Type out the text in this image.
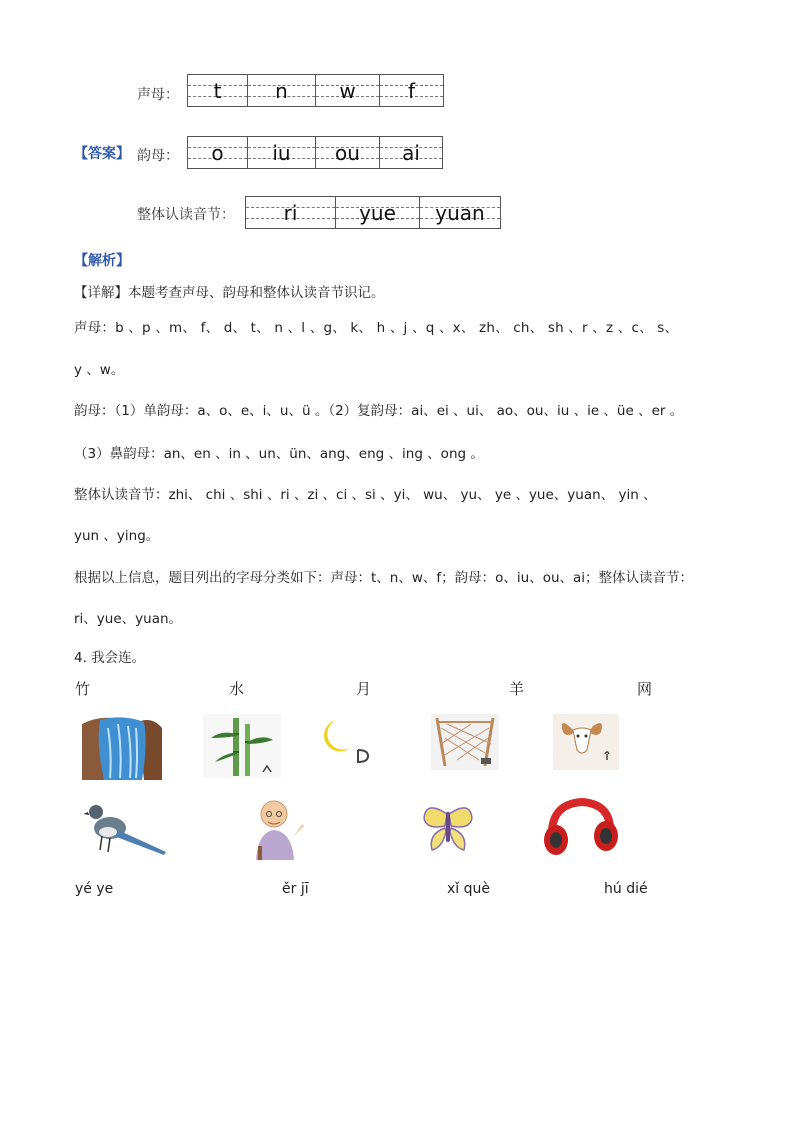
声母： t	n	w	f
【答案】 韵母： o iu ou ai
整体认读音节： ri	yue yuan
【解析】
【详解】本题考查声母、韵母和整体认读音节识记。
声母：b 、p 、m、 f、 d、 t、 n 、l 、g、 k、 h 、j 、q 、x、 zh、 ch、 sh 、r 、z 、c、 s、
y 、w。
韵母：（1）单韵母：a、o、e、i、u、ü 。（2）复韵母：ai、ei 、ui、 ao、ou、iu 、ie 、üe 、er 。
（3）鼻韵母：an、en 、in 、un、ün、ang、eng 、ing 、ong 。
整体认读音节：zhi、 chi 、shi 、ri 、zi 、ci 、si 、yi、 wu、 yu、 ye 、yue、yuan、 yin 、
yun 、ying。
根据以上信息，题目列出的字母分类如下：声母：t、n、w、f；韵母：o、iu、ou、ai；整体认读音节：
ri、yue、yuan。
4. 我会连。
竹	水	月	羊	网
yé ye	ěr jī	xǐ què	hú dié
